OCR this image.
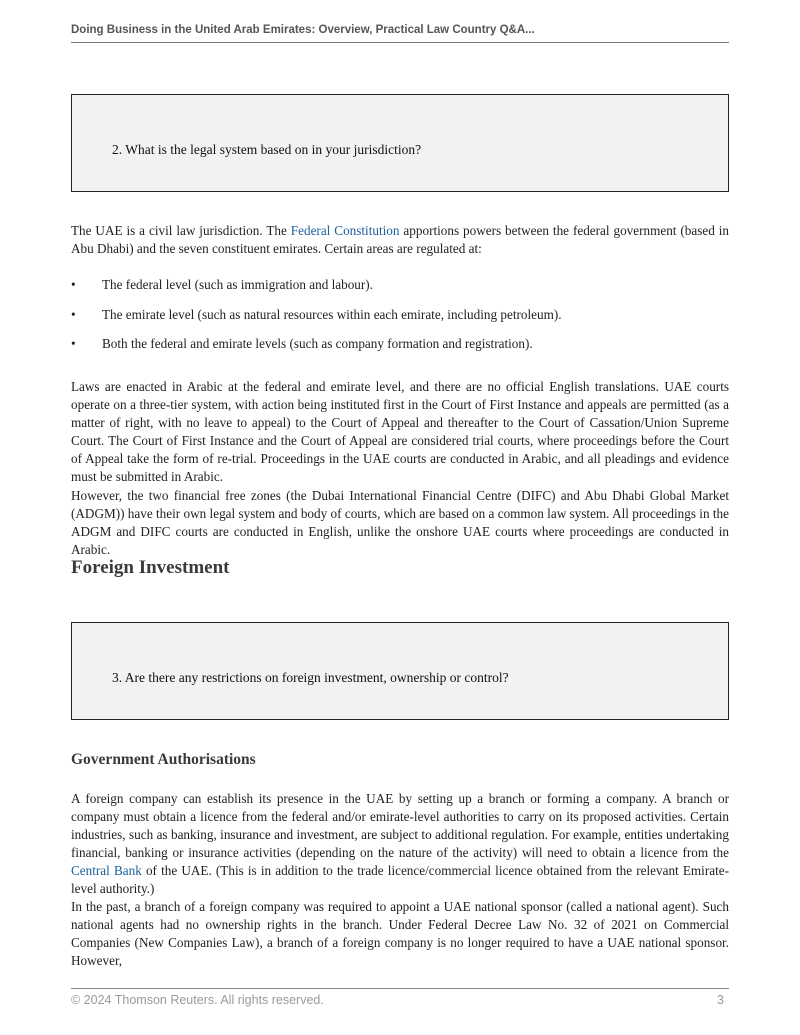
Doing Business in the United Arab Emirates: Overview, Practical Law Country Q&A...
2. What is the legal system based on in your jurisdiction?
The UAE is a civil law jurisdiction. The Federal Constitution apportions powers between the federal government (based in Abu Dhabi) and the seven constituent emirates. Certain areas are regulated at:
• The federal level (such as immigration and labour).
• The emirate level (such as natural resources within each emirate, including petroleum).
• Both the federal and emirate levels (such as company formation and registration).
Laws are enacted in Arabic at the federal and emirate level, and there are no official English translations. UAE courts operate on a three-tier system, with action being instituted first in the Court of First Instance and appeals are permitted (as a matter of right, with no leave to appeal) to the Court of Appeal and thereafter to the Court of Cassation/Union Supreme Court. The Court of First Instance and the Court of Appeal are considered trial courts, where proceedings before the Court of Appeal take the form of re-trial. Proceedings in the UAE courts are conducted in Arabic, and all pleadings and evidence must be submitted in Arabic.
However, the two financial free zones (the Dubai International Financial Centre (DIFC) and Abu Dhabi Global Market (ADGM)) have their own legal system and body of courts, which are based on a common law system. All proceedings in the ADGM and DIFC courts are conducted in English, unlike the onshore UAE courts where proceedings are conducted in Arabic.
Foreign Investment
3. Are there any restrictions on foreign investment, ownership or control?
Government Authorisations
A foreign company can establish its presence in the UAE by setting up a branch or forming a company. A branch or company must obtain a licence from the federal and/or emirate-level authorities to carry on its proposed activities. Certain industries, such as banking, insurance and investment, are subject to additional regulation. For example, entities undertaking financial, banking or insurance activities (depending on the nature of the activity) will need to obtain a licence from the Central Bank of the UAE. (This is in addition to the trade licence/commercial licence obtained from the relevant Emirate-level authority.)
In the past, a branch of a foreign company was required to appoint a UAE national sponsor (called a national agent). Such national agents had no ownership rights in the branch. Under Federal Decree Law No. 32 of 2021 on Commercial Companies (New Companies Law), a branch of a foreign company is no longer required to have a UAE national sponsor. However,
© 2024 Thomson Reuters. All rights reserved.	3
